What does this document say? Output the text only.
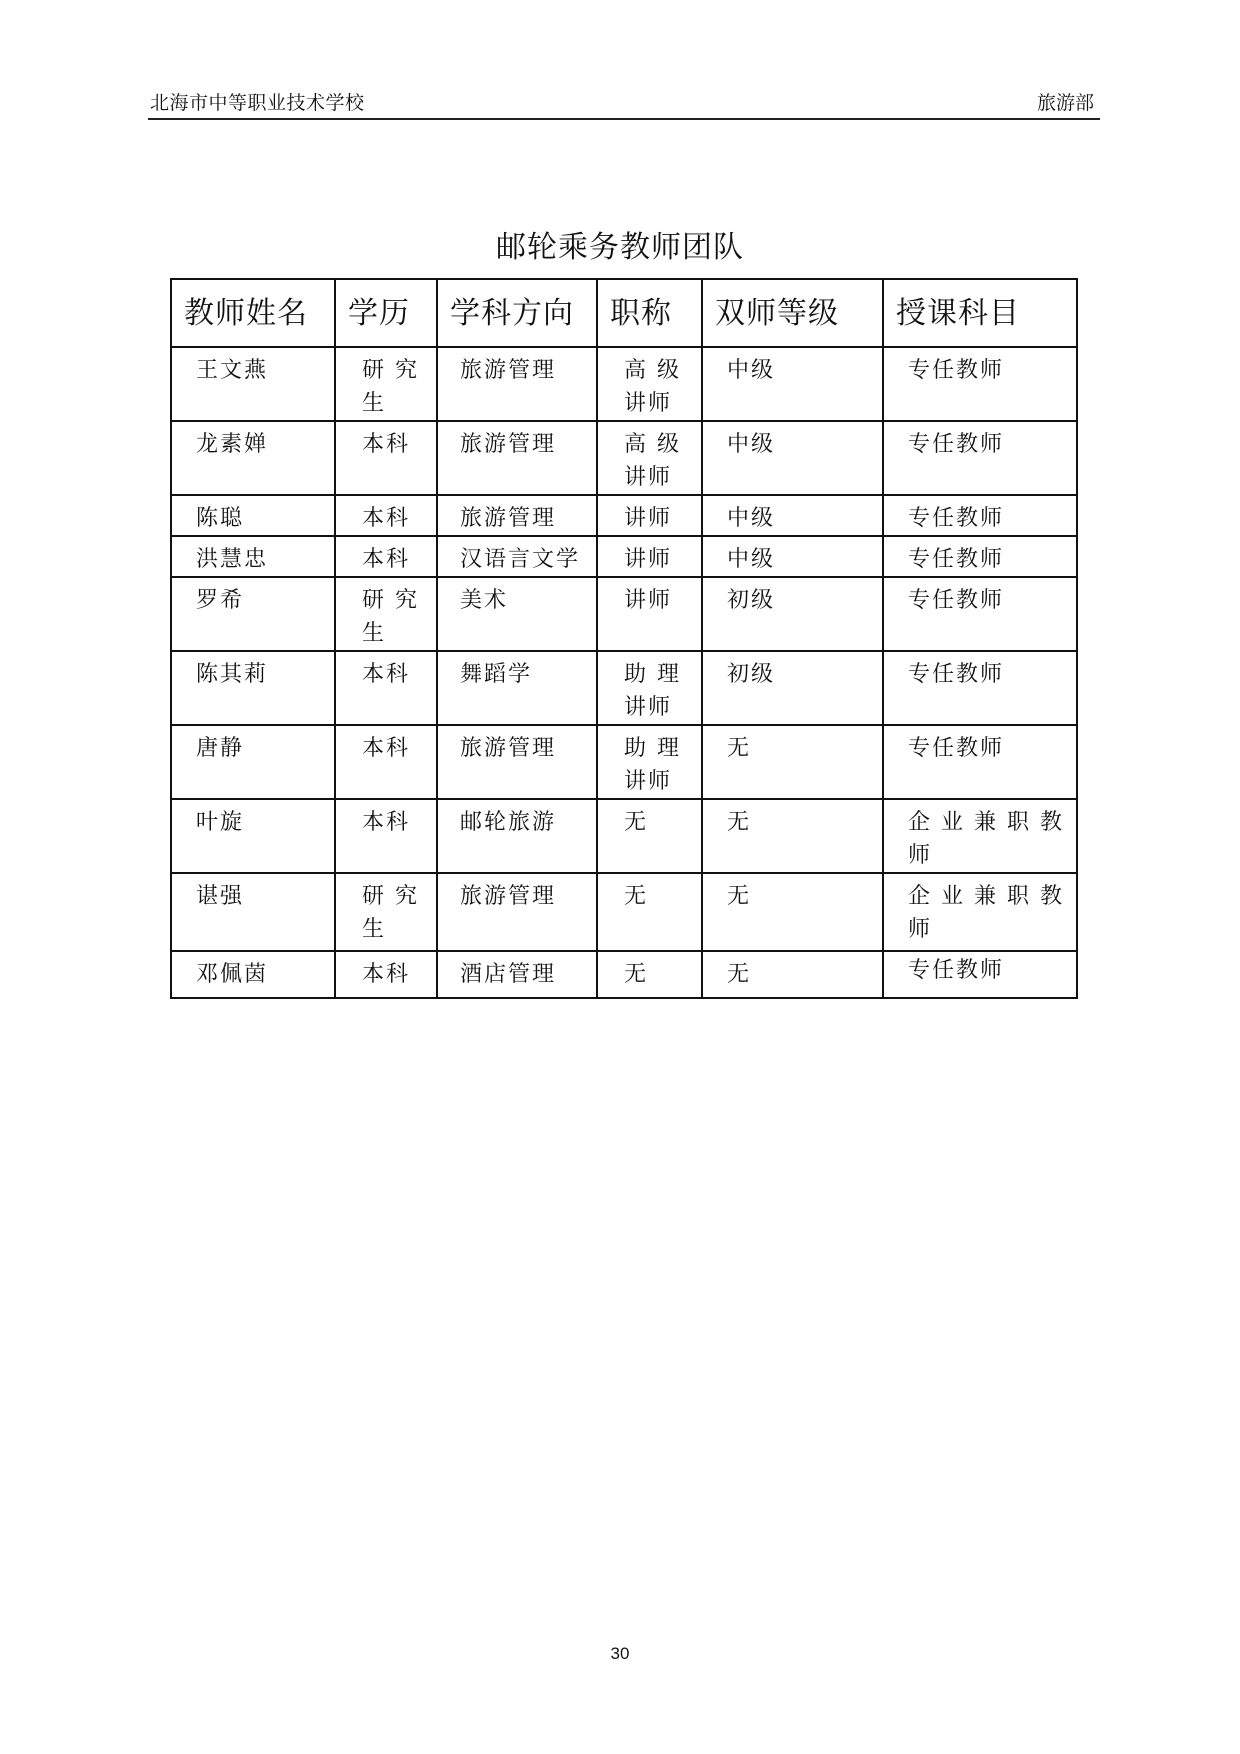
北海市中等职业技术学校	旅游部
邮轮乘务教师团队
教师姓名	学历	学科方向	职称	双师等级	授课科目

王文燕	研 究 生	旅游管理	高 级 讲师	中级	专任教师

龙素婵	本科	旅游管理	高 级 讲师	中级	专任教师

陈聪	本科	旅游管理	讲师	中级	专任教师

洪慧忠	本科	汉语言文学	讲师	中级	专任教师

罗希	研 究 生	美术	讲师	初级	专任教师

陈其莉	本科	舞蹈学	助 理 讲师	初级	专任教师

唐静	本科	旅游管理	助 理 讲师	无	专任教师

叶旋	本科	邮轮旅游	无	无	企 业 兼 职 教师

谌强	研 究 生	旅游管理	无	无	企 业 兼 职 教师

邓佩茵	本科	酒店管理	无	无	专任教师
30
